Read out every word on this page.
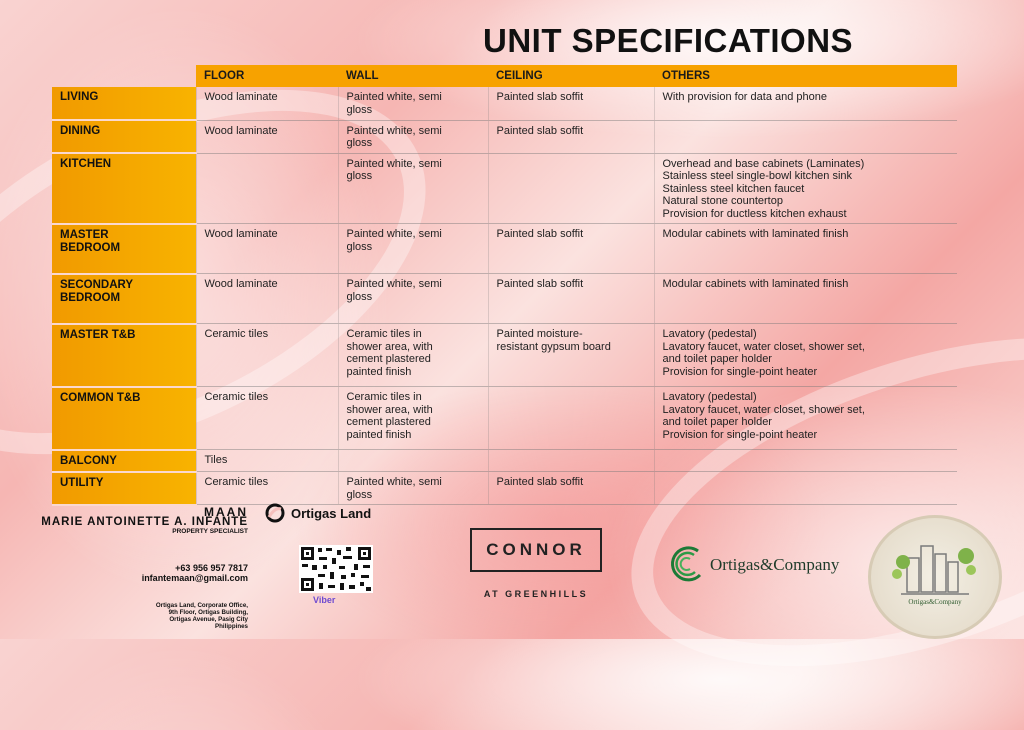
UNIT SPECIFICATIONS
	FLOOR	WALL	CEILING	OTHERS

LIVING	Wood laminate	Painted white, semi
gloss	Painted slab soffit	With provision for data and phone

DINING	Wood laminate	Painted white, semi
gloss	Painted slab soffit	

KITCHEN		Painted white, semi
gloss		Overhead and base cabinets (Laminates)
Stainless steel single-bowl kitchen sink
Stainless steel kitchen faucet
Natural stone countertop
Provision for ductless kitchen exhaust

MASTER
BEDROOM	Wood laminate	Painted white, semi
gloss	Painted slab soffit	Modular cabinets with laminated finish

SECONDARY
BEDROOM	Wood laminate	Painted white, semi
gloss	Painted slab soffit	Modular cabinets with laminated finish

MASTER T&B	Ceramic tiles	Ceramic tiles in
shower area, with
cement plastered
painted finish	Painted moisture-
resistant gypsum board	Lavatory (pedestal)
Lavatory faucet, water closet, shower set,
and toilet paper holder
Provision for single-point heater

COMMON T&B	Ceramic tiles	Ceramic tiles in
shower area, with
cement plastered
painted finish		Lavatory (pedestal)
Lavatory faucet, water closet, shower set,
and toilet paper holder
Provision for single-point heater

BALCONY	Tiles			

UTILITY	Ceramic tiles	Painted white, semi
gloss	Painted slab soffit	

MAAN
MARIE ANTOINETTE A. INFANTE
PROPERTY SPECIALIST
+63 956 957 7817
infantemaan@gmail.com
Ortigas Land, Corporate Office,
9th Floor, Ortigas Building,
Ortigas Avenue, Pasig City
Philippines
Ortigas Land
Viber
CONNOR
AT GREENHILLS
Ortigas&Company
Ortigas&Company
